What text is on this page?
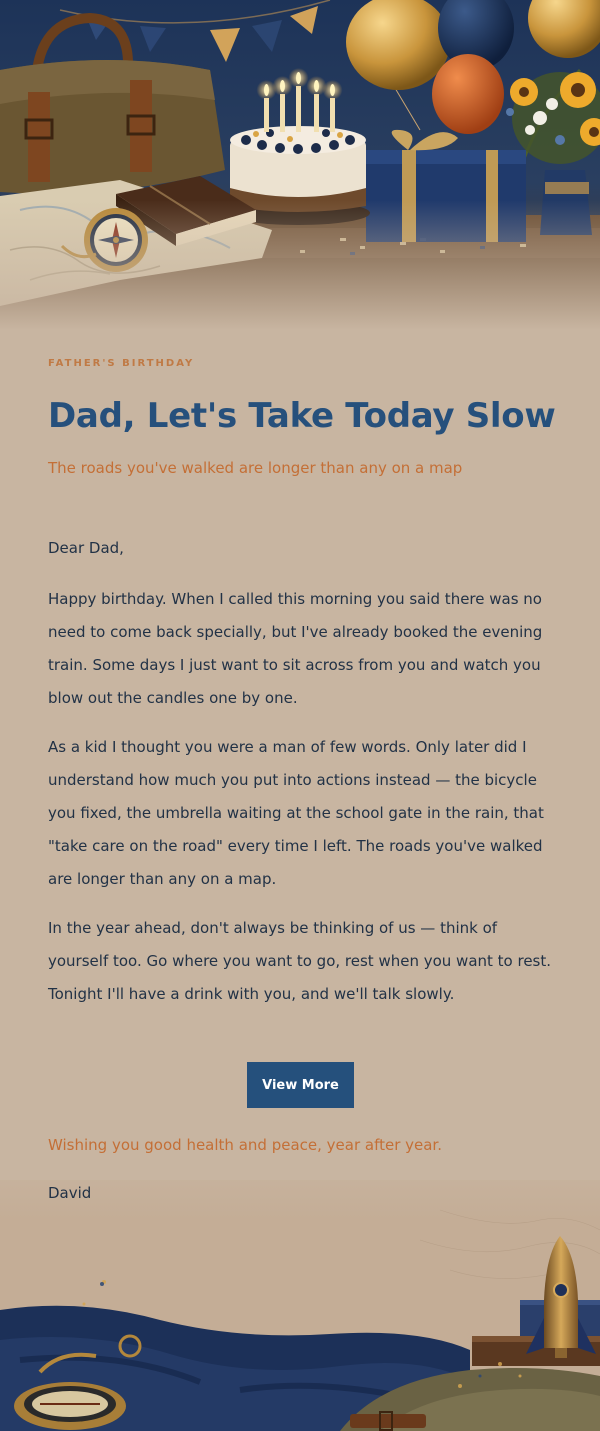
FATHER'S BIRTHDAY
Dad, Let's Take Today Slow

The roads you've walked are longer than any on a map

Dear Dad,

Happy birthday. When I called this morning you said there was no need to come back specially, but I've already booked the evening train. Some days I just want to sit across from you and watch you blow out the candles one by one.

As a kid I thought you were a man of few words. Only later did I understand how much you put into actions instead — the bicycle you fixed, the umbrella waiting at the school gate in the rain, that "take care on the road" every time I left. The roads you've walked are longer than any on a map.

In the year ahead, don't always be thinking of us — think of yourself too. Go where you want to go, rest when you want to rest. Tonight I'll have a drink with you, and we'll talk slowly.

View More

Wishing you good health and peace, year after year.

David
